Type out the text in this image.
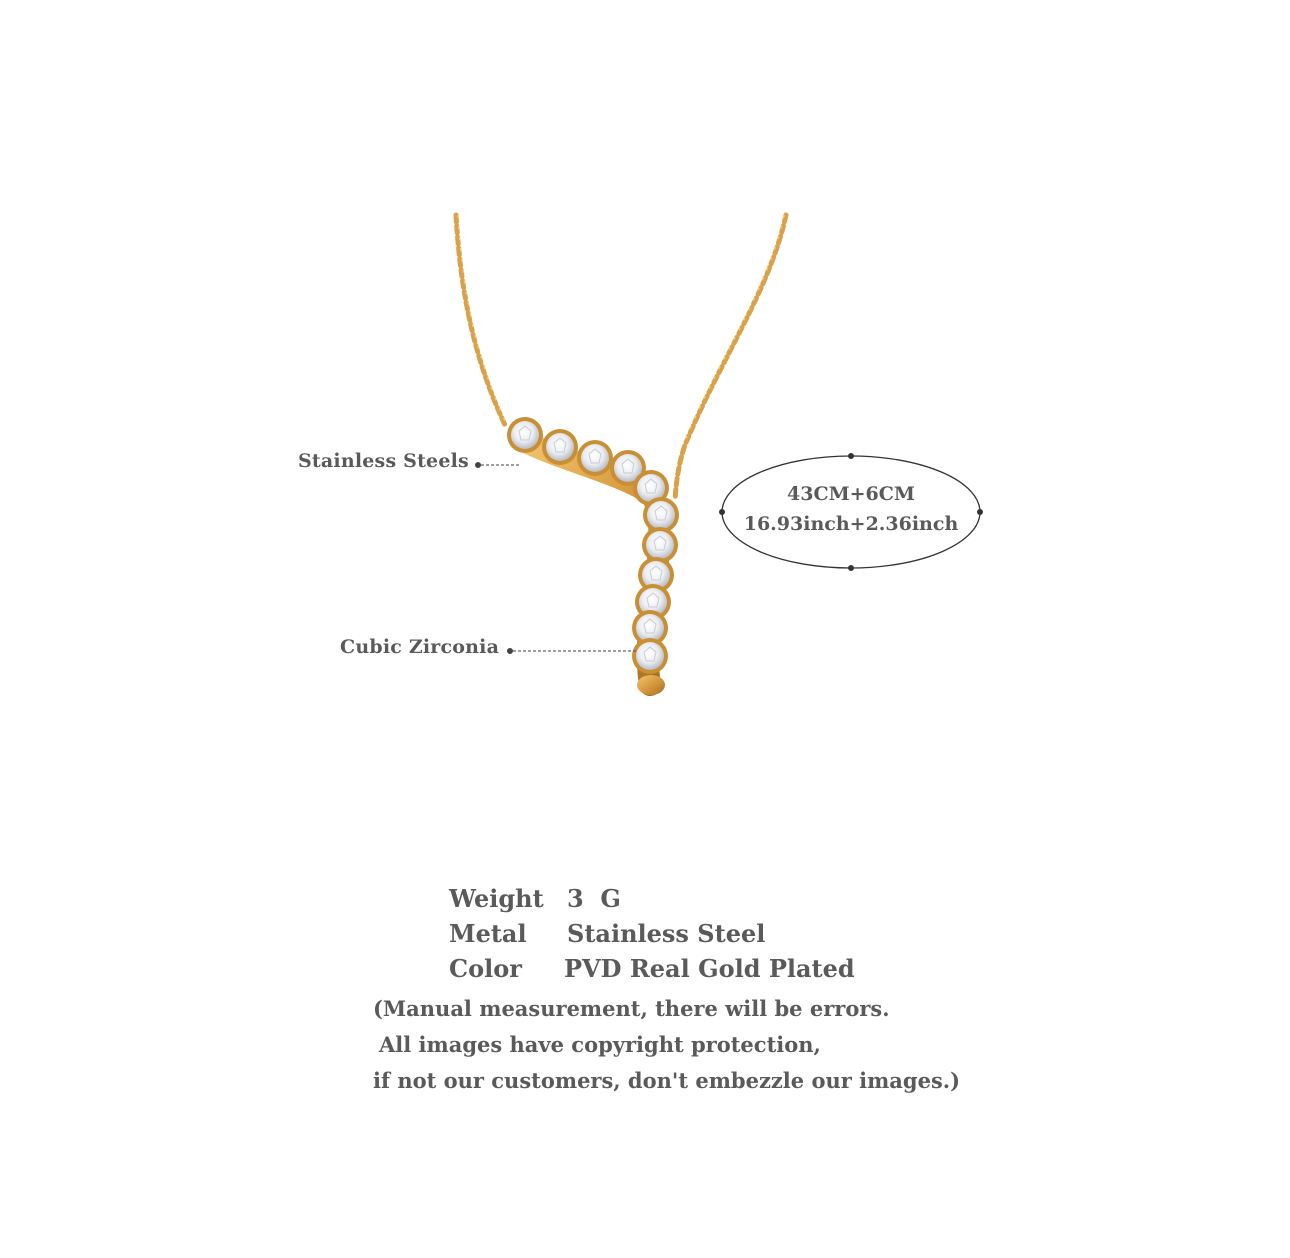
Stainless Steels
Cubic Zirconia
43CM+6CM
16.93inch+2.36inch
Weight 3  G
Metal Stainless Steel
Color PVD Real Gold Plated
(Manual measurement, there will be errors.
All images have copyright protection,
if not our customers, don't embezzle our images.)
